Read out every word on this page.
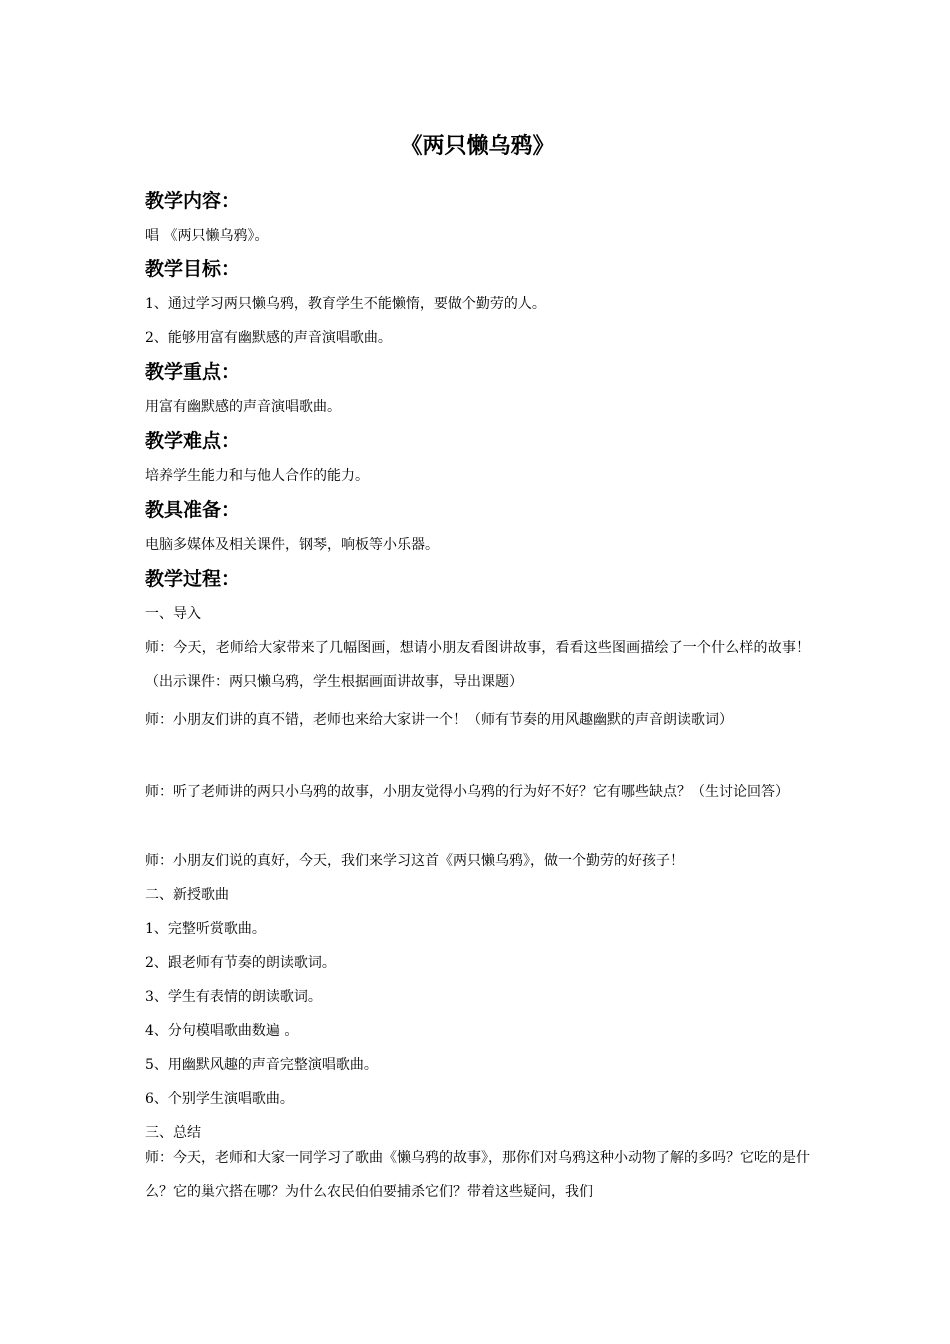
《两只懒乌鸦》
教学内容：
唱 《两只懒乌鸦》。
教学目标：
1、通过学习两只懒乌鸦，教育学生不能懒惰，要做个勤劳的人。
2、能够用富有幽默感的声音演唱歌曲。
教学重点：
用富有幽默感的声音演唱歌曲。
教学难点：
培养学生能力和与他人合作的能力。
教具准备：
电脑多媒体及相关课件，钢琴，响板等小乐器。
教学过程：
一、导入
师：今天，老师给大家带来了几幅图画，想请小朋友看图讲故事，看看这些图画描绘了一个什么样的故事！（出示课件：两只懒乌鸦，学生根据画面讲故事，导出课题）
师：小朋友们讲的真不错，老师也来给大家讲一个！（师有节奏的用风趣幽默的声音朗读歌词）
师：听了老师讲的两只小乌鸦的故事，小朋友觉得小乌鸦的行为好不好？它有哪些缺点？（生讨论回答）
师：小朋友们说的真好，今天，我们来学习这首《两只懒乌鸦》，做一个勤劳的好孩子！
二、新授歌曲
1、完整听赏歌曲。
2、跟老师有节奏的朗读歌词。
3、学生有表情的朗读歌词。
4、分句模唱歌曲数遍 。
5、用幽默风趣的声音完整演唱歌曲。
6、个别学生演唱歌曲。
三、总结
师：今天，老师和大家一同学习了歌曲《懒乌鸦的故事》，那你们对乌鸦这种小动物了解的多吗？它吃的是什么？它的巢穴搭在哪？为什么农民伯伯要捕杀它们？带着这些疑问，我们
